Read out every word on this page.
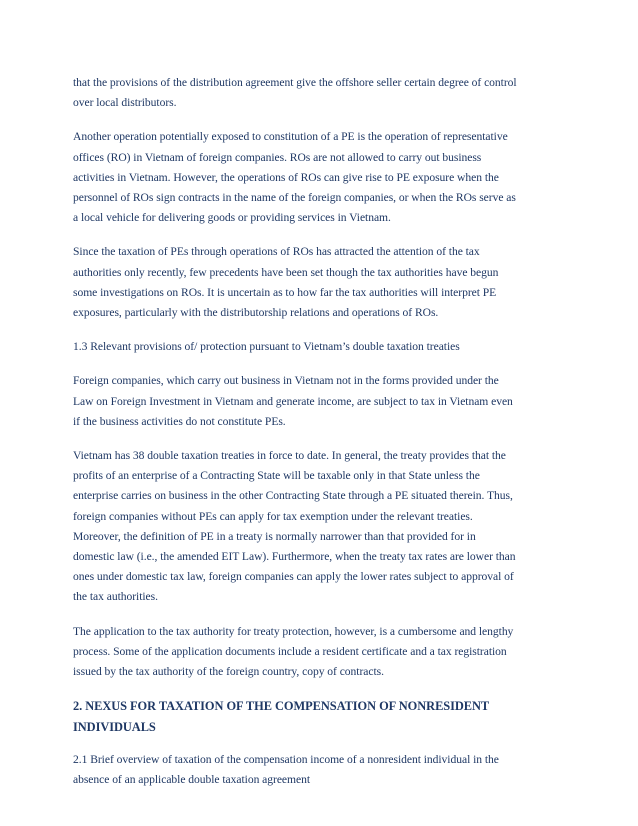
that the provisions of the distribution agreement give the offshore seller certain degree of control
over local distributors.

Another operation potentially exposed to constitution of a PE is the operation of representative
offices (RO) in Vietnam of foreign companies. ROs are not allowed to carry out business
activities in Vietnam. However, the operations of ROs can give rise to PE exposure when the
personnel of ROs sign contracts in the name of the foreign companies, or when the ROs serve as
a local vehicle for delivering goods or providing services in Vietnam.

Since the taxation of PEs through operations of ROs has attracted the attention of the tax
authorities only recently, few precedents have been set though the tax authorities have begun
some investigations on ROs. It is uncertain as to how far the tax authorities will interpret PE
exposures, particularly with the distributorship relations and operations of ROs.

1.3 Relevant provisions of/ protection pursuant to Vietnam’s double taxation treaties

Foreign companies, which carry out business in Vietnam not in the forms provided under the
Law on Foreign Investment in Vietnam and generate income, are subject to tax in Vietnam even
if the business activities do not constitute PEs.

Vietnam has 38 double taxation treaties in force to date. In general, the treaty provides that the
profits of an enterprise of a Contracting State will be taxable only in that State unless the
enterprise carries on business in the other Contracting State through a PE situated therein. Thus,
foreign companies without PEs can apply for tax exemption under the relevant treaties.
Moreover, the definition of PE in a treaty is normally narrower than that provided for in
domestic law (i.e., the amended EIT Law). Furthermore, when the treaty tax rates are lower than
ones under domestic tax law, foreign companies can apply the lower rates subject to approval of
the tax authorities.

The application to the tax authority for treaty protection, however, is a cumbersome and lengthy
process. Some of the application documents include a resident certificate and a tax registration
issued by the tax authority of the foreign country, copy of contracts.

2. NEXUS FOR TAXATION OF THE COMPENSATION OF NONRESIDENT
INDIVIDUALS

2.1 Brief overview of taxation of the compensation income of a nonresident individual in the
absence of an applicable double taxation agreement
